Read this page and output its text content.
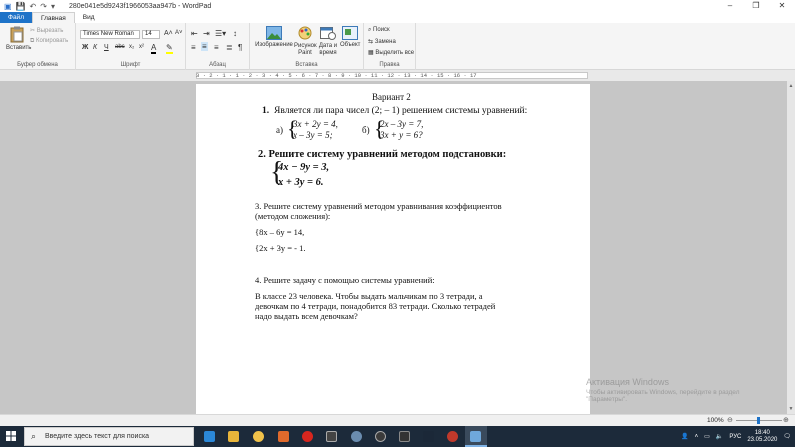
▣ 💾 ↶ ↷ ▾ 280e041e5d9243f1966053aa947b - WordPad	–	❐	✕
Файл	Главная	Вид
Вставить
✂ Вырезать
⧉ Копировать
Буфер обмена
Times New Roman	14	A˄ A˅
Ж К Ч abc x₂ x² A ✎
Шрифт
⇤ ⇥ ☰▾ ↕
≡ ≡ ≡ ≣ ¶
Абзац
Изображение Рисунок Paint
Дата и время
Объект
Вставка
⌕ Поиск
⇆ Замена
▦ Выделить все
Правка
3 · 2 · 1 · 1 · 2 · 3 · 4 · 5 · 6 · 7 · 8 · 9 · 10 · 11 · 12 · 13 · 14 · 15 · 16 · 17
Вариант 2
1. Является ли пара чисел (2; – 1) решением системы уравнений:
а) {
3x + 2y = 4,
x – 3y = 5;	б) {
2x – 3y = 7,
3x + y = 6?
2. Решите систему уравнений методом подстановки:
{
4x − 9y = 3,
x + 3y = 6.
3. Решите систему уравнений методом уравнивания коэффициентов
(методом сложения):
{8x – 6y = 14,
{2x + 3y = - 1.
4. Решите задачу с помощью системы уравнений:
В классе 23 человека. Чтобы выдать мальчикам по 3 тетради, а
девочкам по 4 тетради, понадобится 83 тетради. Сколько тетрадей
надо выдать всем девочкам?
▲
▼
Активация Windows
Чтобы активировать Windows, перейдите в раздел
"Параметры".
100% ⊖	⊕
⌕ Введите здесь текст для поиска	👤 ˄ ▭ 🔈 РУС
18:40
23.05.2020 🗨
